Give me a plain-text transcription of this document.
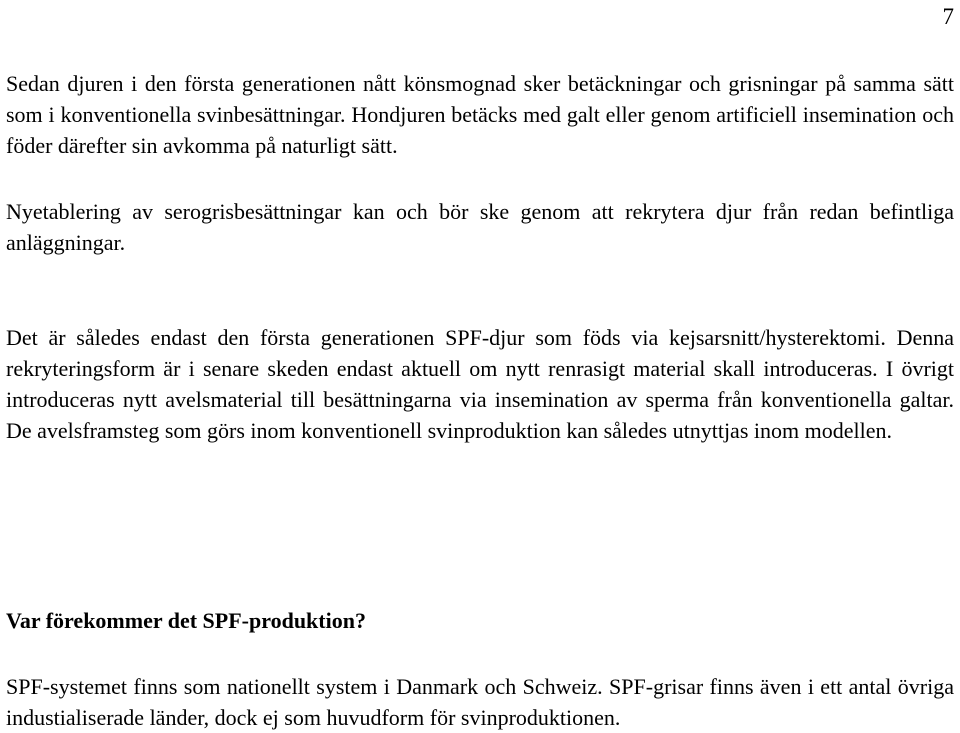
7

Sedan djuren i den första generationen nått könsmognad sker betäckningar och grisningar på samma sätt som i konventionella svinbesättningar. Hondjuren betäcks med galt eller genom artificiell insemination och föder därefter sin avkomma på naturligt sätt.

Nyetablering av serogrisbesättningar kan och bör ske genom att rekrytera djur från redan befintliga anläggningar.

Det är således endast den första generationen SPF-djur som föds via kejsarsnitt/hysterektomi. Denna rekryteringsform är i senare skeden endast aktuell om nytt renrasigt material skall introduceras. I övrigt introduceras nytt avelsmaterial till besättningarna via insemination av sperma från konventionella galtar. De avelsframsteg som görs inom konventionell svinproduktion kan således utnyttjas inom modellen.

Var förekommer det SPF-produktion?

SPF-systemet finns som nationellt system i Danmark och Schweiz. SPF-grisar finns även i ett antal övriga industialiserade länder, dock ej som huvudform för svinproduktionen.
